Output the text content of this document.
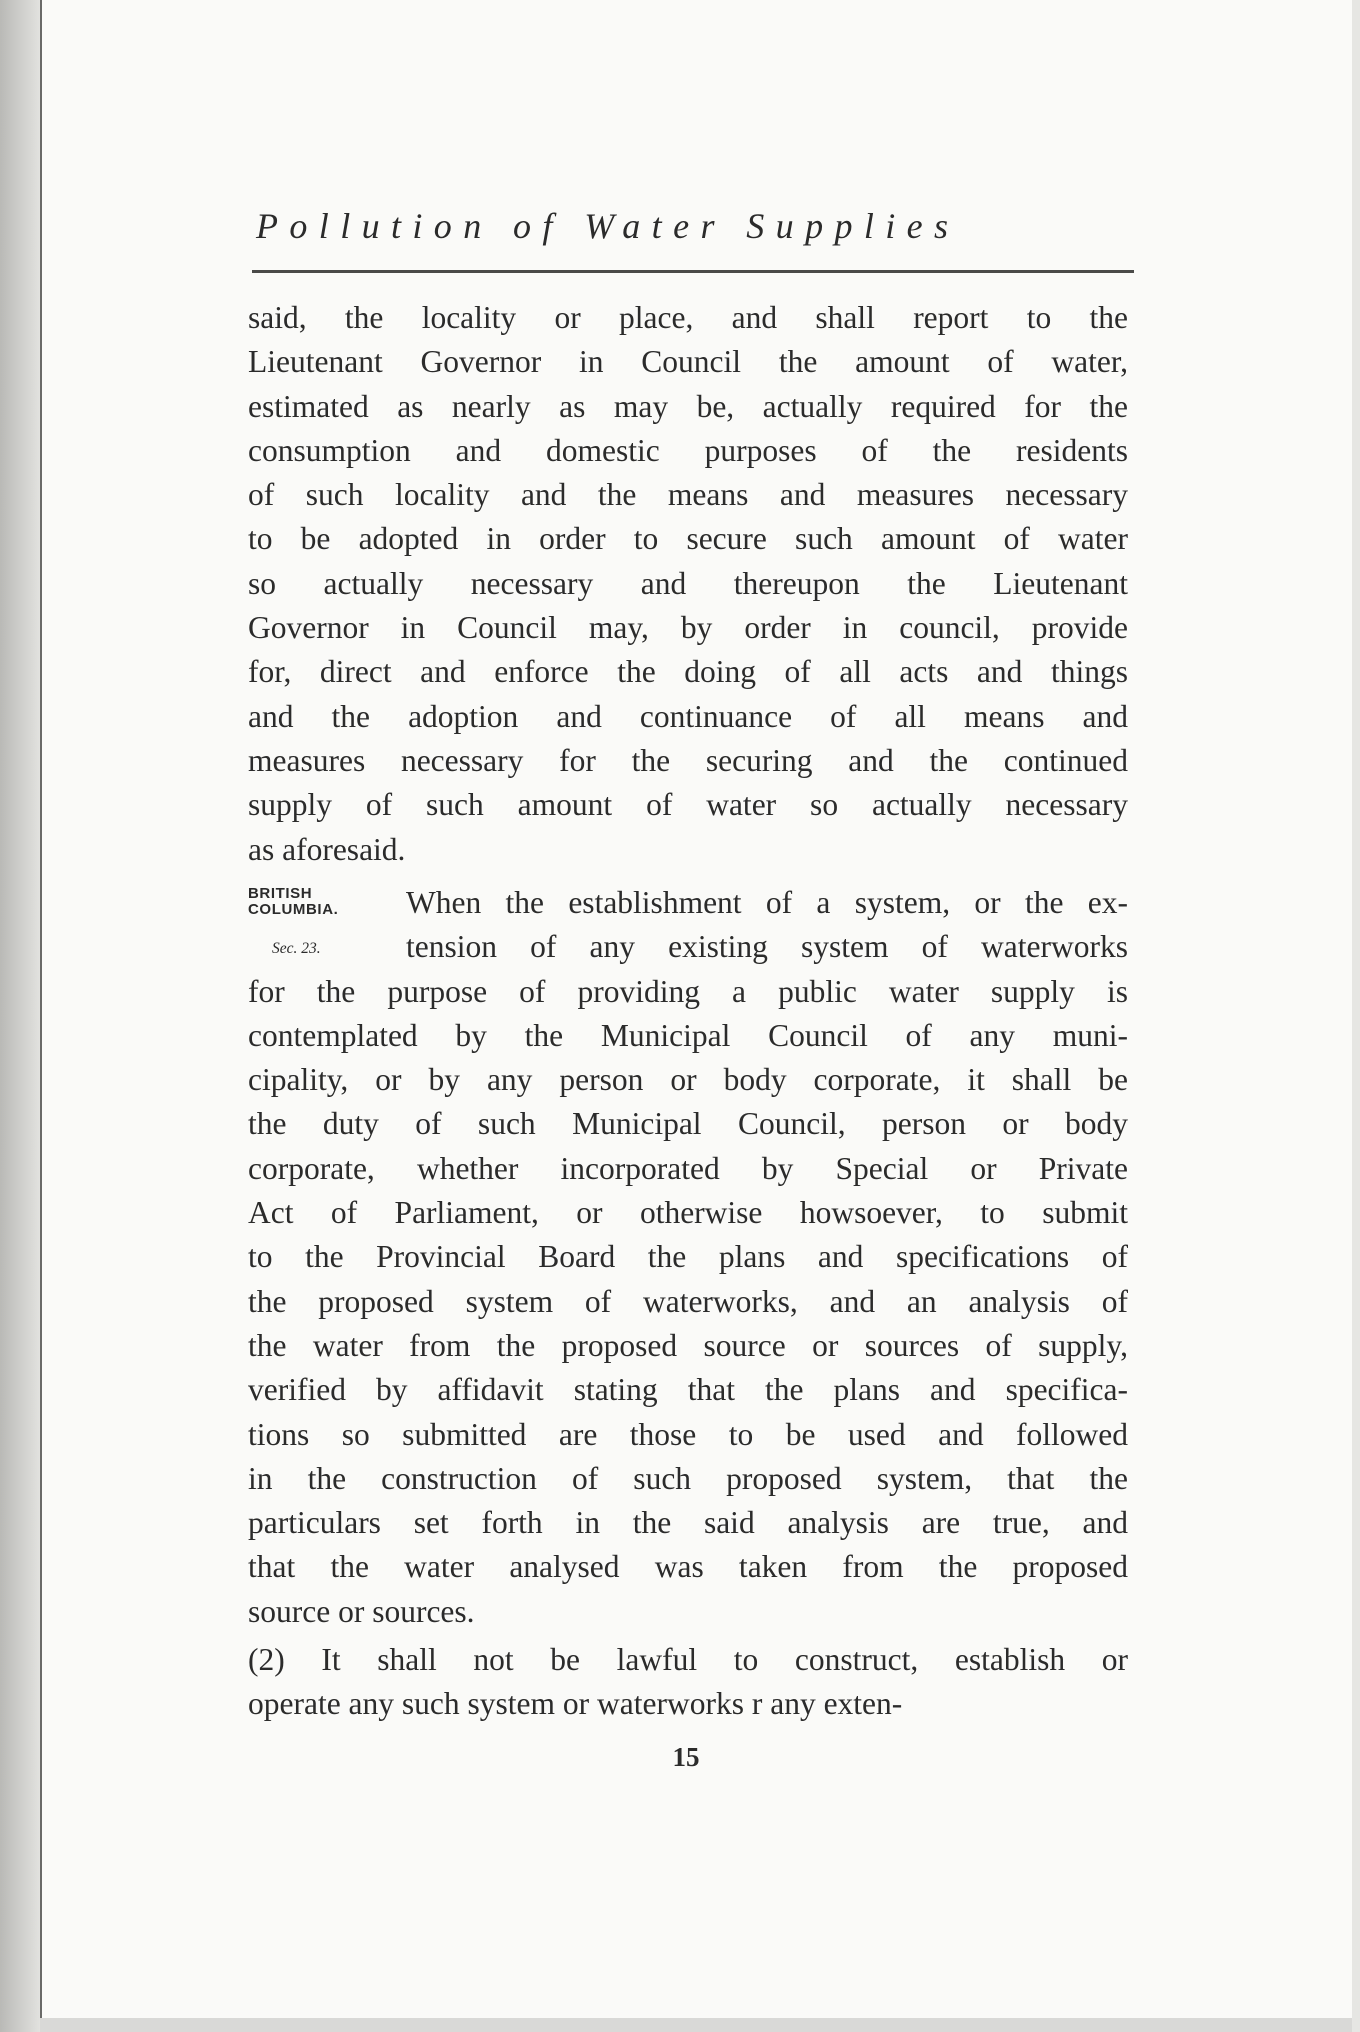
Pollution of Water Supplies
said, the locality or place, and shall report to the
Lieutenant Governor in Council the amount of water,
estimated as nearly as may be, actually required for the
consumption and domestic purposes of the residents
of such locality and the means and measures necessary
to be adopted in order to secure such amount of water
so actually necessary and thereupon the Lieutenant
Governor in Council may, by order in council, provide
for, direct and enforce the doing of all acts and things
and the adoption and continuance of all means and
measures necessary for the securing and the continued
supply of such amount of water so actually necessary
as aforesaid.
BRITISH
COLUMBIA.
Sec. 23.
When the establishment of a system, or the ex-
tension of any existing system of waterworks
for the purpose of providing a public water supply is
contemplated by the Municipal Council of any muni-
cipality, or by any person or body corporate, it shall be
the duty of such Municipal Council, person or body
corporate, whether incorporated by Special or Private
Act of Parliament, or otherwise howsoever, to submit
to the Provincial Board the plans and specifications of
the proposed system of waterworks, and an analysis of
the water from the proposed source or sources of supply,
verified by affidavit stating that the plans and specifica-
tions so submitted are those to be used and followed
in the construction of such proposed system, that the
particulars set forth in the said analysis are true, and
that the water analysed was taken from the proposed
source or sources.
(2) It shall not be lawful to construct, establish or
operate any such system or waterworks r any exten-
15
